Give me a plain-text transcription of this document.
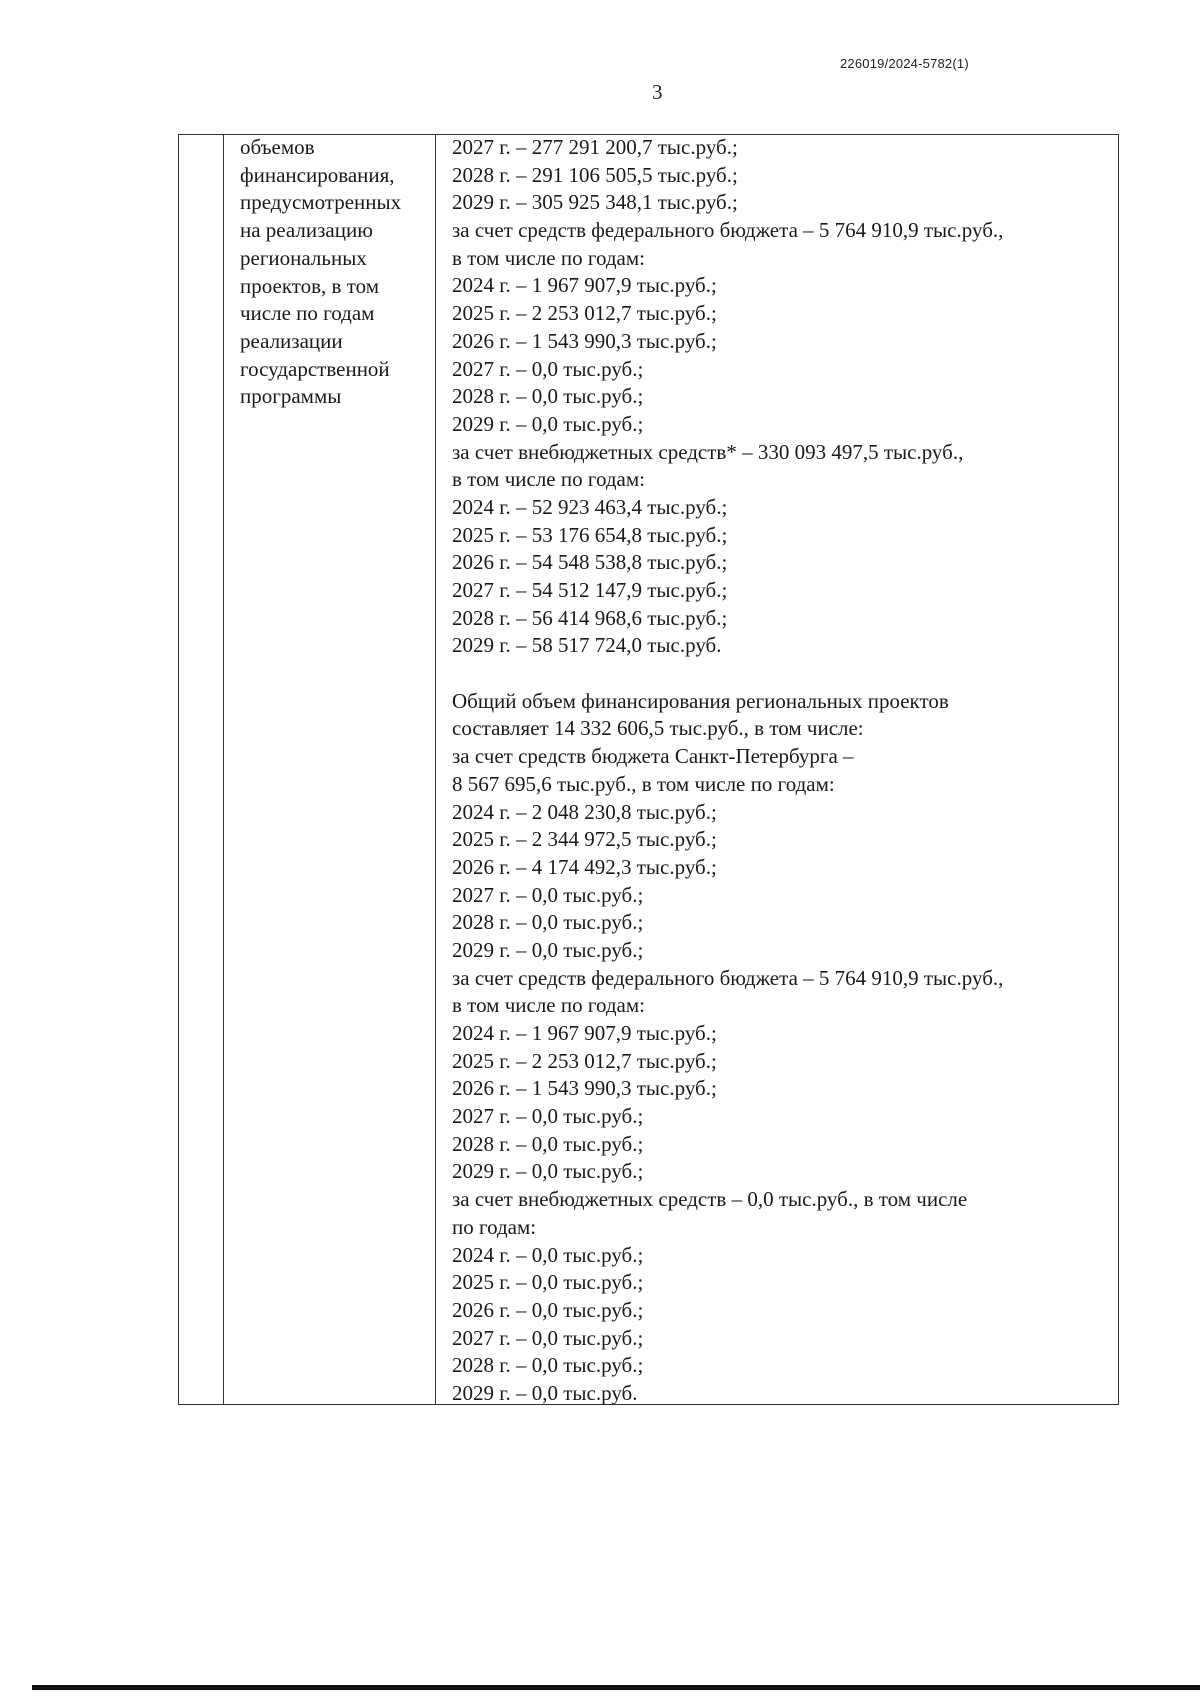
226019/2024-5782(1)
3
объемов
финансирования,
предусмотренных
на реализацию
региональных
проектов, в том
числе по годам
реализации
государственной
программы
2027 г. – 277 291 200,7 тыс.руб.;
2028 г. – 291 106 505,5 тыс.руб.;
2029 г. – 305 925 348,1 тыс.руб.;
за счет средств федерального бюджета – 5 764 910,9 тыс.руб.,
в том числе по годам:
2024 г. – 1 967 907,9 тыс.руб.;
2025 г. – 2 253 012,7 тыс.руб.;
2026 г. – 1 543 990,3 тыс.руб.;
2027 г. – 0,0 тыс.руб.;
2028 г. – 0,0 тыс.руб.;
2029 г. – 0,0 тыс.руб.;
за счет внебюджетных средств* – 330 093 497,5 тыс.руб.,
в том числе по годам:
2024 г. – 52 923 463,4 тыс.руб.;
2025 г. – 53 176 654,8 тыс.руб.;
2026 г. – 54 548 538,8 тыс.руб.;
2027 г. – 54 512 147,9 тыс.руб.;
2028 г. – 56 414 968,6 тыс.руб.;
2029 г. – 58 517 724,0 тыс.руб.
Общий объем финансирования региональных проектов
составляет 14 332 606,5 тыс.руб., в том числе:
за счет средств бюджета Санкт-Петербурга –
8 567 695,6 тыс.руб., в том числе по годам:
2024 г. – 2 048 230,8 тыс.руб.;
2025 г. – 2 344 972,5 тыс.руб.;
2026 г. – 4 174 492,3 тыс.руб.;
2027 г. – 0,0 тыс.руб.;
2028 г. – 0,0 тыс.руб.;
2029 г. – 0,0 тыс.руб.;
за счет средств федерального бюджета – 5 764 910,9 тыс.руб.,
в том числе по годам:
2024 г. – 1 967 907,9 тыс.руб.;
2025 г. – 2 253 012,7 тыс.руб.;
2026 г. – 1 543 990,3 тыс.руб.;
2027 г. – 0,0 тыс.руб.;
2028 г. – 0,0 тыс.руб.;
2029 г. – 0,0 тыс.руб.;
за счет внебюджетных средств – 0,0 тыс.руб., в том числе
по годам:
2024 г. – 0,0 тыс.руб.;
2025 г. – 0,0 тыс.руб.;
2026 г. – 0,0 тыс.руб.;
2027 г. – 0,0 тыс.руб.;
2028 г. – 0,0 тыс.руб.;
2029 г. – 0,0 тыс.руб.
